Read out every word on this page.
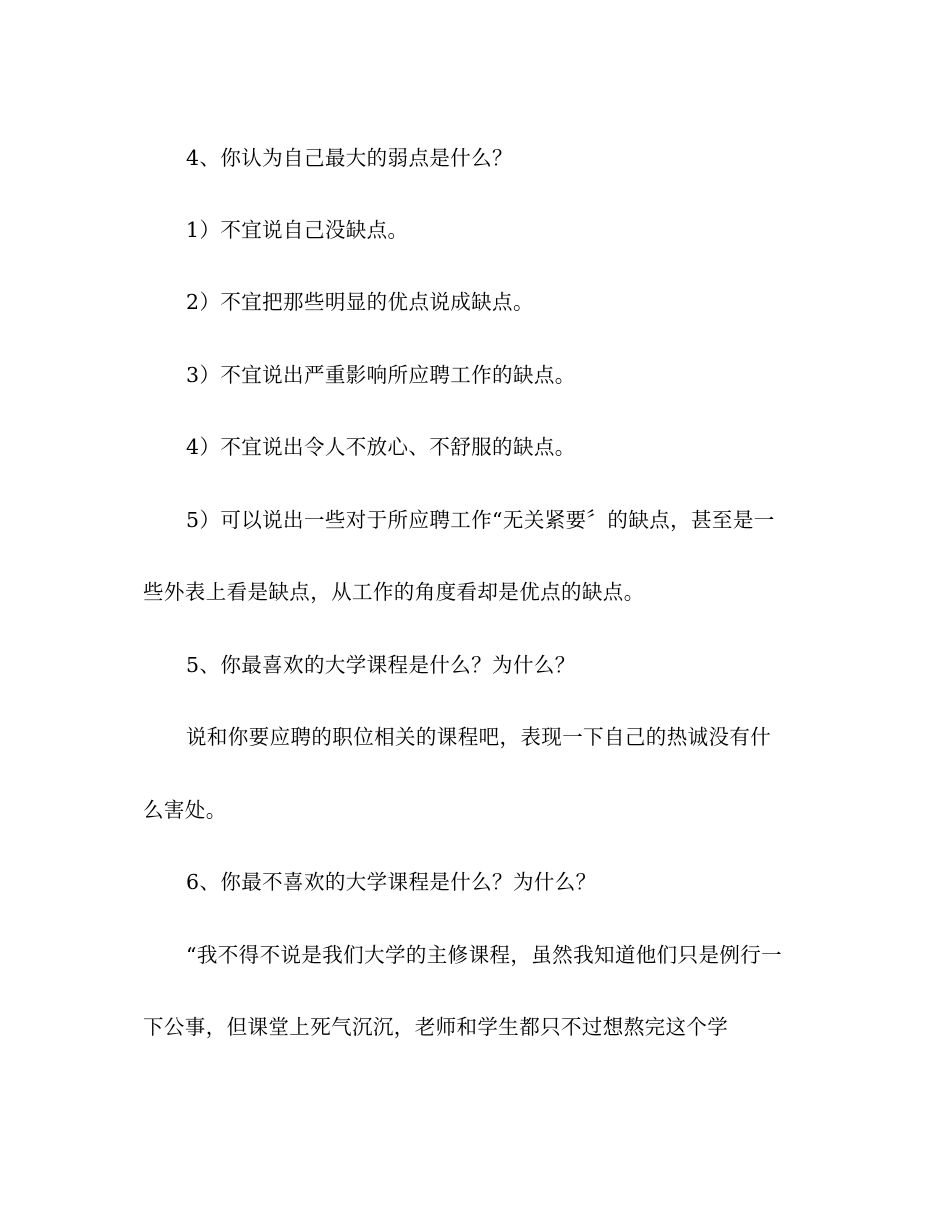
4、你认为自己最大的弱点是什么？
1）不宜说自己没缺点。
2）不宜把那些明显的优点说成缺点。
3）不宜说出严重影响所应聘工作的缺点。
4）不宜说出令人不放心、不舒服的缺点。
5）可以说出一些对于所应聘工作“无关紧要〞的缺点，甚至是一
些外表上看是缺点，从工作的角度看却是优点的缺点。
5、你最喜欢的大学课程是什么？为什么？
说和你要应聘的职位相关的课程吧，表现一下自己的热诚没有什
么害处。
6、你最不喜欢的大学课程是什么？为什么？
“我不得不说是我们大学的主修课程，虽然我知道他们只是例行一
下公事，但课堂上死气沉沉，老师和学生都只不过想熬完这个学
